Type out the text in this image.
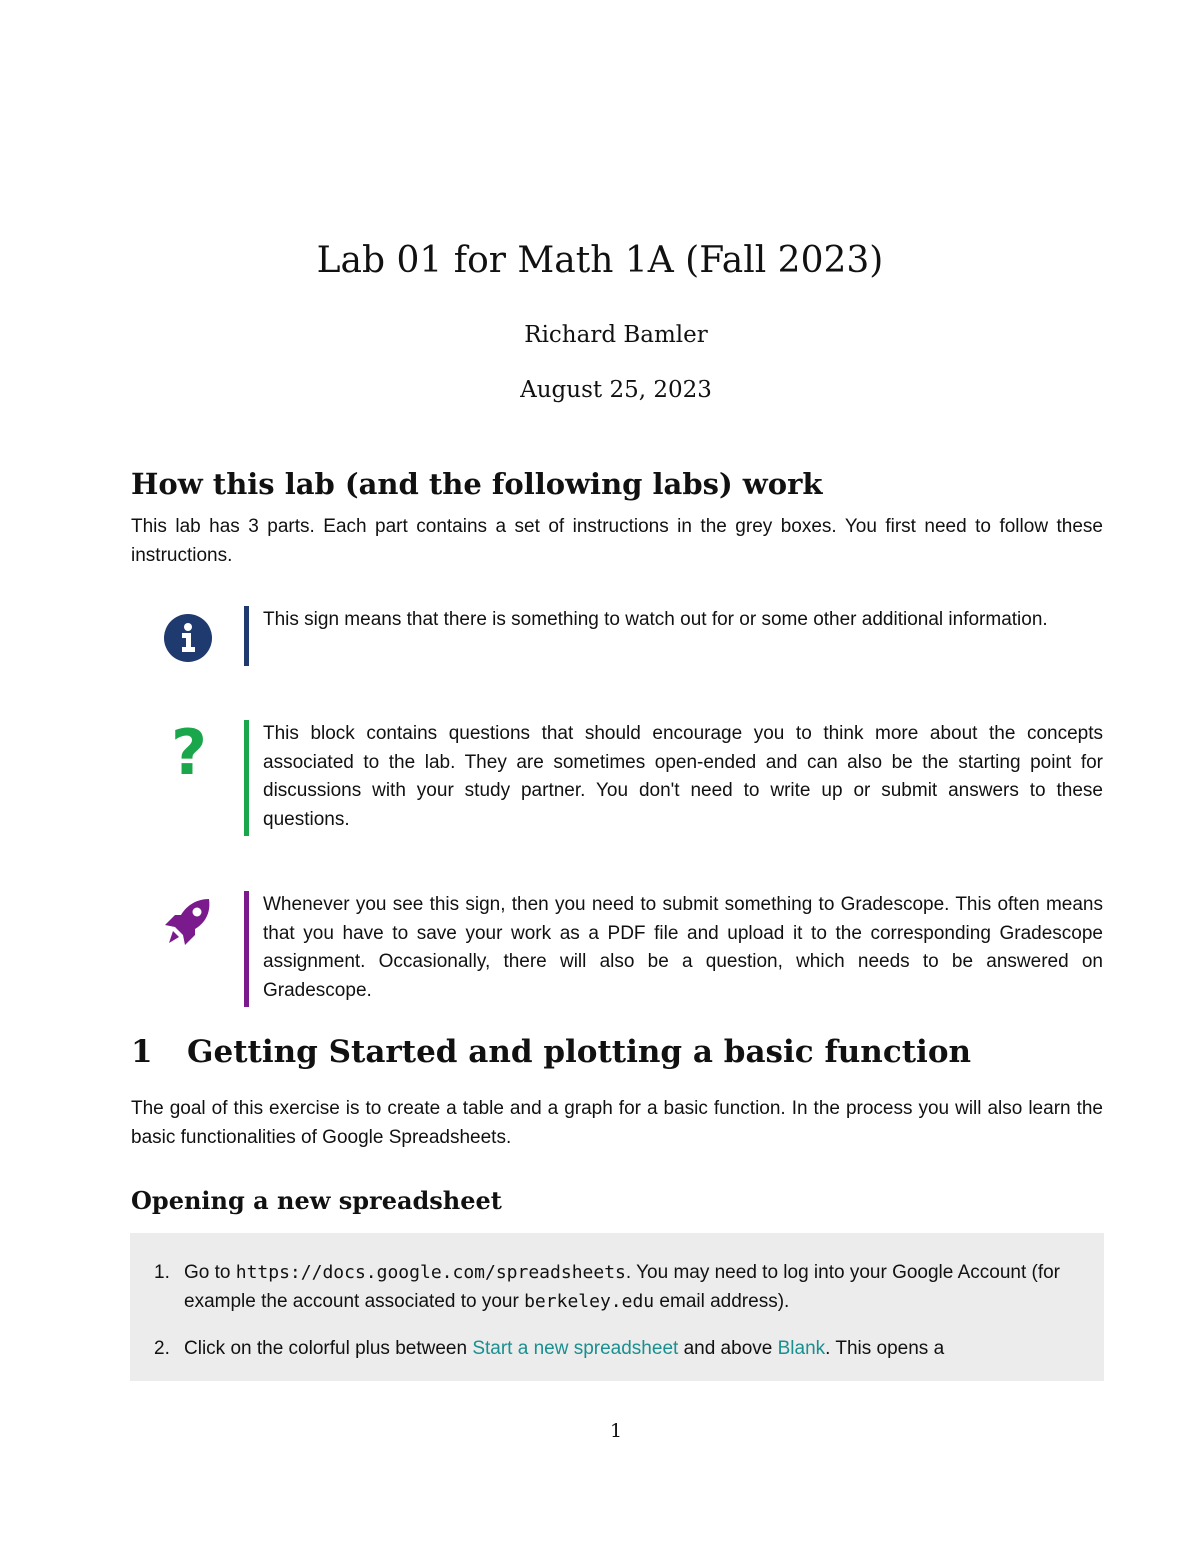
Lab 01 for Math 1A (Fall 2023)
Richard Bamler
August 25, 2023
How this lab (and the following labs) work

This lab has 3 parts. Each part contains a set of instructions in the grey boxes. You first need to follow these instructions.

This sign means that there is something to watch out for or some other additional information.
?	This block contains questions that should encourage you to think more about the concepts associated to the lab. They are sometimes open-ended and can also be the starting point for discussions with your study partner. You don't need to write up or submit answers to these questions.
Whenever you see this sign, then you need to submit something to Gradescope. This often means that you have to save your work as a PDF file and upload it to the corresponding Gradescope assignment. Occasionally, there will also be a question, which needs to be answered on Gradescope.
1 Getting Started and plotting a basic function

The goal of this exercise is to create a table and a graph for a basic function. In the process you will also learn the basic functionalities of Google Spreadsheets.

Opening a new spreadsheet
1. Go to https://docs.google.com/spreadsheets. You may need to log into your Google Account (for example the account associated to your berkeley.edu email address).
2. Click on the colorful plus between Start a new spreadsheet and above Blank. This opens a
1
